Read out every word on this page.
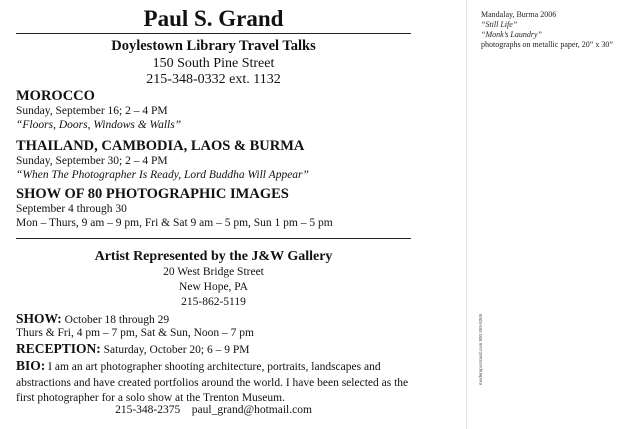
Paul S. Grand
Doylestown Library Travel Talks
150 South Pine Street
215-348-0332 ext. 1132
MOROCCO
Sunday, September 16; 2 – 4 PM
“Floors, Doors, Windows & Walls”
THAILAND, CAMBODIA, LAOS & BURMA
Sunday, September 30; 2 – 4 PM
“When The Photographer Is Ready, Lord Buddha Will Appear”
SHOW OF 80 PHOTOGRAPHIC IMAGES
September 4 through 30
Mon – Thurs, 9 am – 9 pm, Fri & Sat 9 am – 5 pm, Sun 1 pm – 5 pm
Artist Represented by the J&W Gallery
20 West Bridge Street
New Hope, PA
215-862-5119
SHOW: October 18 through 29
Thurs & Fri, 4 pm – 7 pm, Sat & Sun, Noon – 7 pm
RECEPTION: Saturday, October 20; 6 – 9 PM
BIO: I am an art photographer shooting architecture, portraits, landscapes and abstractions and have created portfolios around the world. I have been selected as the first photographer for a solo show at the Trenton Museum.
215-348-2375 paul_grand@hotmail.com
Mandalay, Burma 2006
“Still Life”
“Monk’s Laundry”
photographs on metallic paper, 20” x 30”
modernpostcard.com 800 959-8365
